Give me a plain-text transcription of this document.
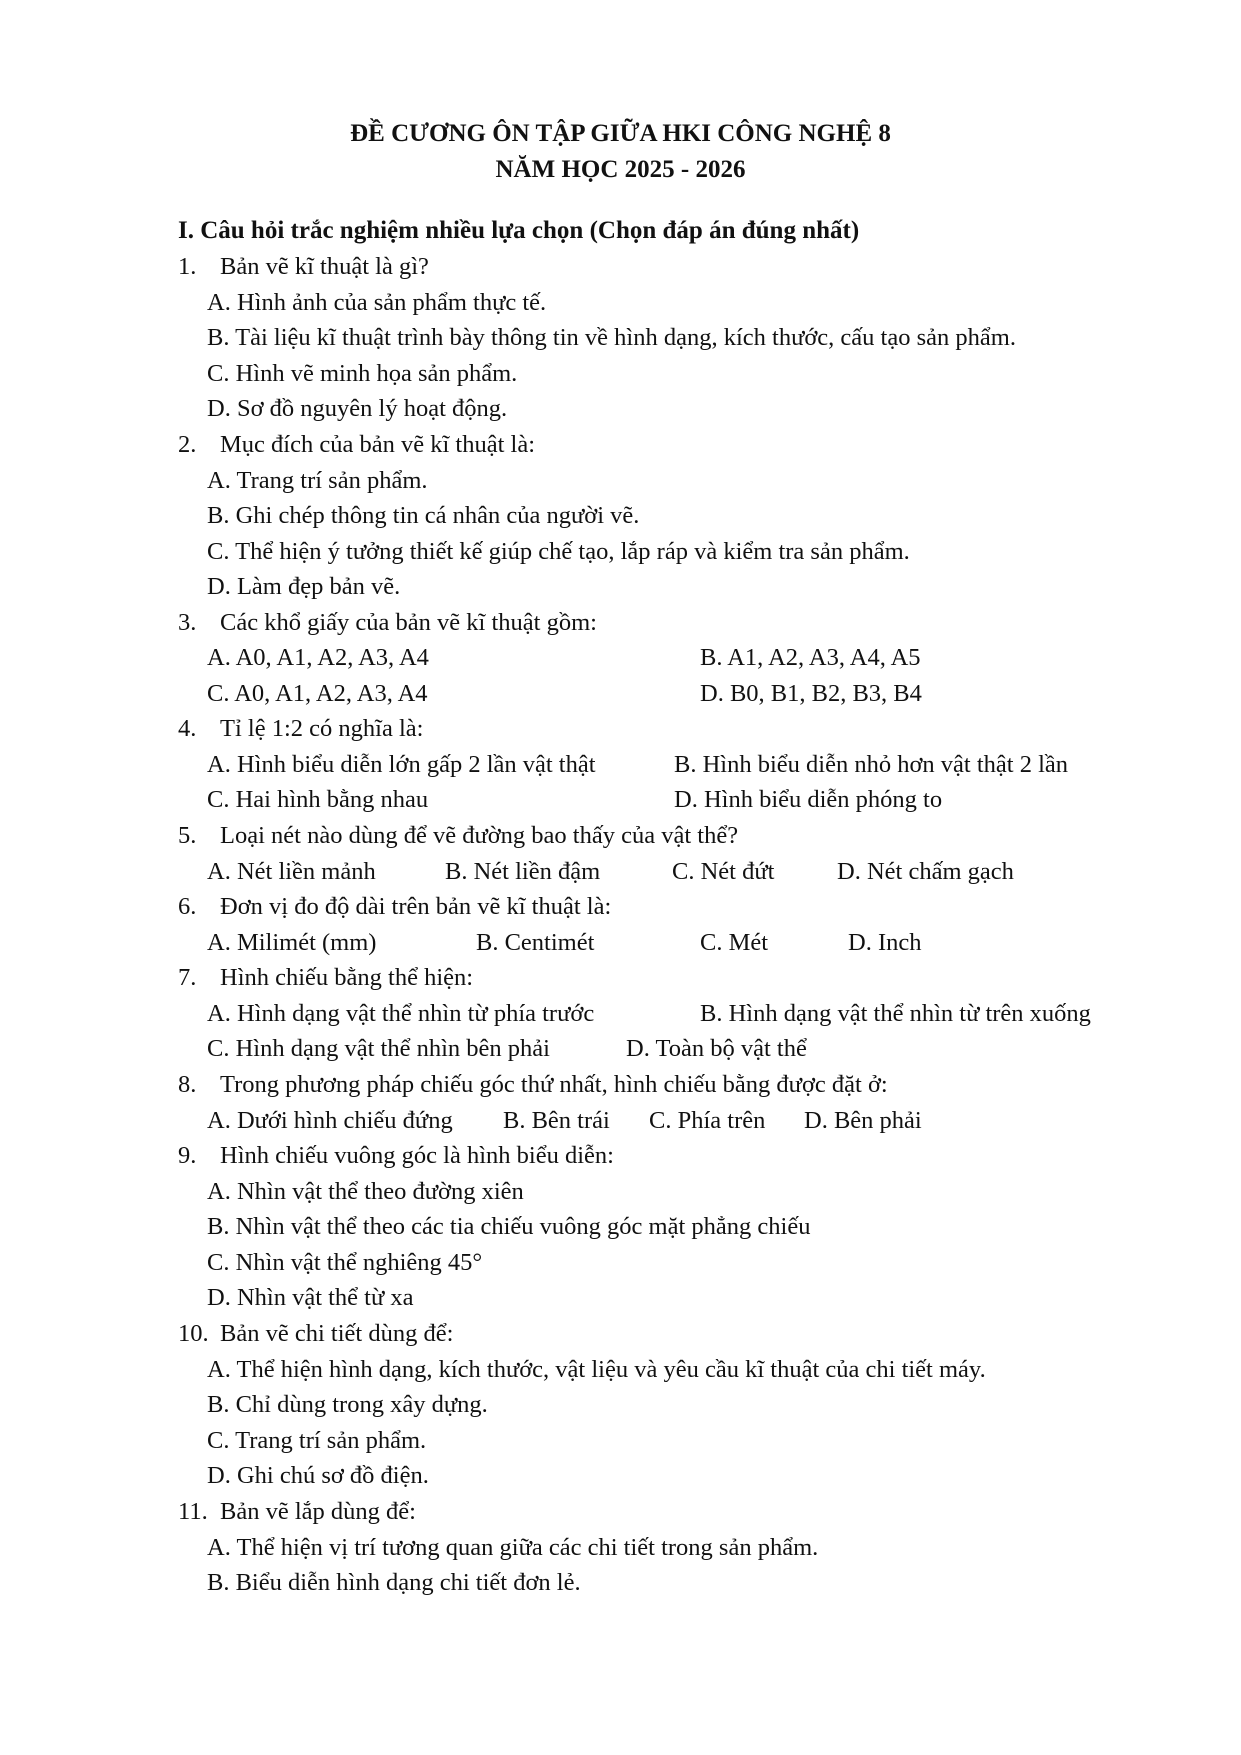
ĐỀ CƯƠNG ÔN TẬP GIỮA HKI CÔNG NGHỆ 8
NĂM HỌC 2025 - 2026
I. Câu hỏi trắc nghiệm nhiều lựa chọn (Chọn đáp án đúng nhất)
1. Bản vẽ kĩ thuật là gì?
A. Hình ảnh của sản phẩm thực tế.
B. Tài liệu kĩ thuật trình bày thông tin về hình dạng, kích thước, cấu tạo sản phẩm.
C. Hình vẽ minh họa sản phẩm.
D. Sơ đồ nguyên lý hoạt động.
2. Mục đích của bản vẽ kĩ thuật là:
A. Trang trí sản phẩm.
B. Ghi chép thông tin cá nhân của người vẽ.
C. Thể hiện ý tưởng thiết kế giúp chế tạo, lắp ráp và kiểm tra sản phẩm.
D. Làm đẹp bản vẽ.
3. Các khổ giấy của bản vẽ kĩ thuật gồm:
A. A0, A1, A2, A3, A4	B. A1, A2, A3, A4, A5
C. A0, A1, A2, A3, A4	D. B0, B1, B2, B3, B4
4. Tỉ lệ 1:2 có nghĩa là:
A. Hình biểu diễn lớn gấp 2 lần vật thật	B. Hình biểu diễn nhỏ hơn vật thật 2 lần
C. Hai hình bằng nhau	D. Hình biểu diễn phóng to
5. Loại nét nào dùng để vẽ đường bao thấy của vật thể?
A. Nét liền mảnh	B. Nét liền đậm	C. Nét đứt	D. Nét chấm gạch
6. Đơn vị đo độ dài trên bản vẽ kĩ thuật là:
A. Milimét (mm)	B. Centimét	C. Mét	D. Inch
7. Hình chiếu bằng thể hiện:
A. Hình dạng vật thể nhìn từ phía trước	B. Hình dạng vật thể nhìn từ trên xuống
C. Hình dạng vật thể nhìn bên phải	D. Toàn bộ vật thể
8. Trong phương pháp chiếu góc thứ nhất, hình chiếu bằng được đặt ở:
A. Dưới hình chiếu đứng B. Bên trái C. Phía trên D. Bên phải
9. Hình chiếu vuông góc là hình biểu diễn:
A. Nhìn vật thể theo đường xiên
B. Nhìn vật thể theo các tia chiếu vuông góc mặt phẳng chiếu
C. Nhìn vật thể nghiêng 45°
D. Nhìn vật thể từ xa
10. Bản vẽ chi tiết dùng để:
A. Thể hiện hình dạng, kích thước, vật liệu và yêu cầu kĩ thuật của chi tiết máy.
B. Chỉ dùng trong xây dựng.
C. Trang trí sản phẩm.
D. Ghi chú sơ đồ điện.
11. Bản vẽ lắp dùng để:
A. Thể hiện vị trí tương quan giữa các chi tiết trong sản phẩm.
B. Biểu diễn hình dạng chi tiết đơn lẻ.
